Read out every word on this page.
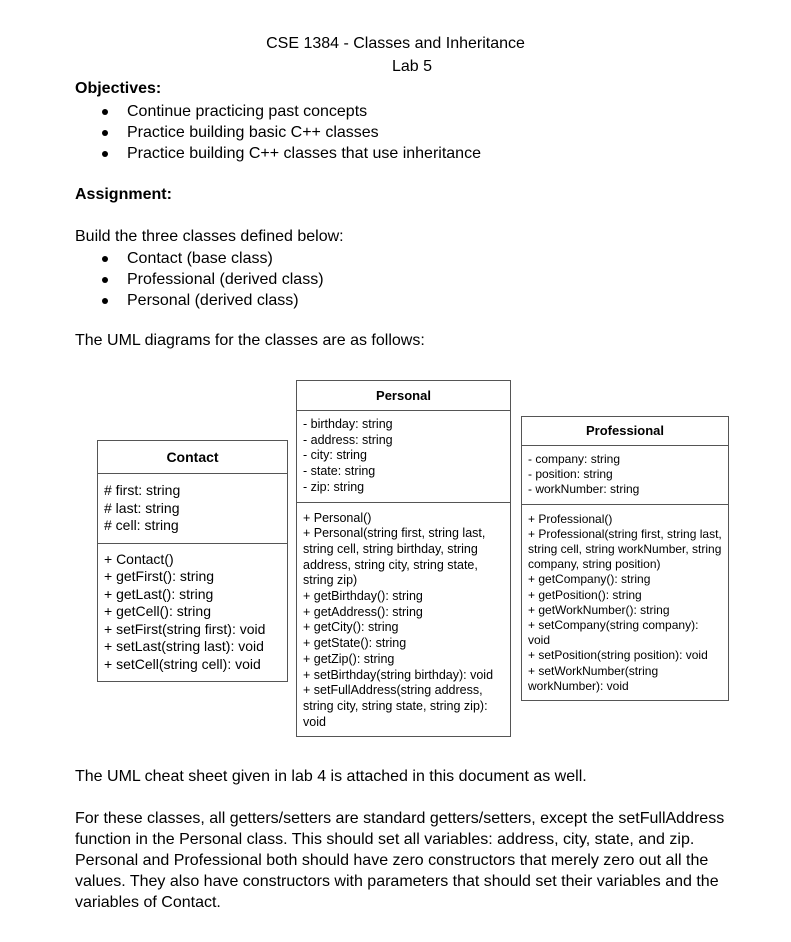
CSE 1384 - Classes and Inheritance
Lab 5
Objectives:
Continue practicing past concepts
Practice building basic C++ classes
Practice building C++ classes that use inheritance
Assignment:
Build the three classes defined below:
Contact (base class)
Professional (derived class)
Personal (derived class)
The UML diagrams for the classes are as follows:
Contact
# first: string
# last: string
# cell: string
+ Contact()
+ getFirst(): string
+ getLast(): string
+ getCell(): string
+ setFirst(string first): void
+ setLast(string last): void
+ setCell(string cell): void
Personal
- birthday: string
- address: string
- city: string
- state: string
- zip: string
+ Personal()
+ Personal(string first, string last, string cell, string birthday, string address, string city, string state, string zip)
+ getBirthday(): string
+ getAddress(): string
+ getCity(): string
+ getState(): string
+ getZip(): string
+ setBirthday(string birthday): void
+ setFullAddress(string address, string city, string state, string zip): void
Professional
- company: string
- position: string
- workNumber: string
+ Professional()
+ Professional(string first, string last, string cell, string workNumber, string company, string position)
+ getCompany(): string
+ getPosition(): string
+ getWorkNumber(): string
+ setCompany(string company): void
+ setPosition(string position): void
+ setWorkNumber(string workNumber): void
The UML cheat sheet given in lab 4 is attached in this document as well.
For these classes, all getters/setters are standard getters/setters, except the setFullAddress function in the Personal class. This should set all variables: address, city, state, and zip. Personal and Professional both should have zero constructors that merely zero out all the values. They also have constructors with parameters that should set their variables and the variables of Contact.
